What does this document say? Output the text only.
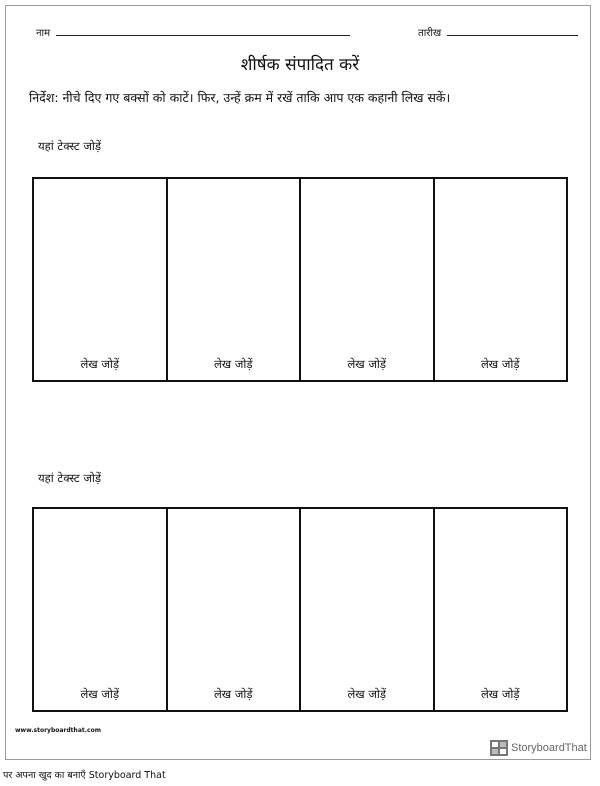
नाम	तारीख
शीर्षक संपादित करें
निर्देश: नीचे दिए गए बक्सों को काटें। फिर, उन्हें क्रम में रखें ताकि आप एक कहानी लिख सकें।
यहां टेक्स्ट जोड़ें
लेख जोड़ें	लेख जोड़ें	लेख जोड़ें	लेख जोड़ें
यहां टेक्स्ट जोड़ें
लेख जोड़ें	लेख जोड़ें	लेख जोड़ें	लेख जोड़ें
www.storyboardthat.com
StoryboardThat
पर अपना खुद का बनाएँ Storyboard That
